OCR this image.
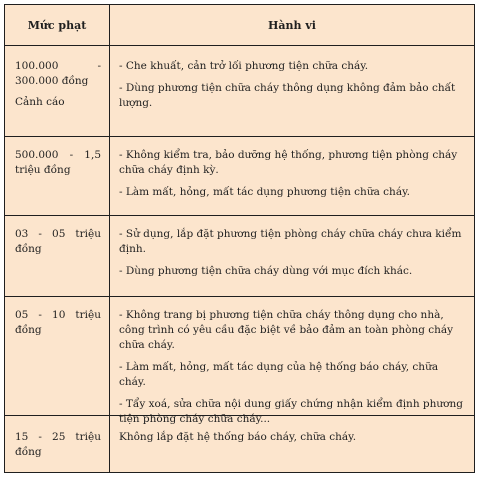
Mức phạt	Hành vi
100.000 -
300.000 đồng
Cảnh cáo

- Che khuất, cản trở lối phương tiện chữa cháy.

- Dùng phương tiện chữa cháy thông dụng không đảm bảo chất lượng.

500.000 - 1,5
triệu đồng

- Không kiểm tra, bảo dưỡng hệ thống, phương tiện phòng cháy chữa cháy định kỳ.

- Làm mất, hỏng, mất tác dụng phương tiện chữa cháy.

03 - 05 triệu
đồng

- Sử dụng, lắp đặt phương tiện phòng cháy chữa cháy chưa kiểm định.

- Dùng phương tiện chữa cháy dùng với mục đích khác.

05 - 10 triệu
đồng

- Không trang bị phương tiện chữa cháy thông dụng cho nhà, công trình có yêu cầu đặc biệt về bảo đảm an toàn phòng cháy chữa cháy.

- Làm mất, hỏng, mất tác dụng của hệ thống báo cháy, chữa cháy.

- Tẩy xoá, sửa chữa nội dung giấy chứng nhận kiểm định phương tiện phòng cháy chữa cháy...

15 - 25 triệu
đồng

Không lắp đặt hệ thống báo cháy, chữa cháy.
